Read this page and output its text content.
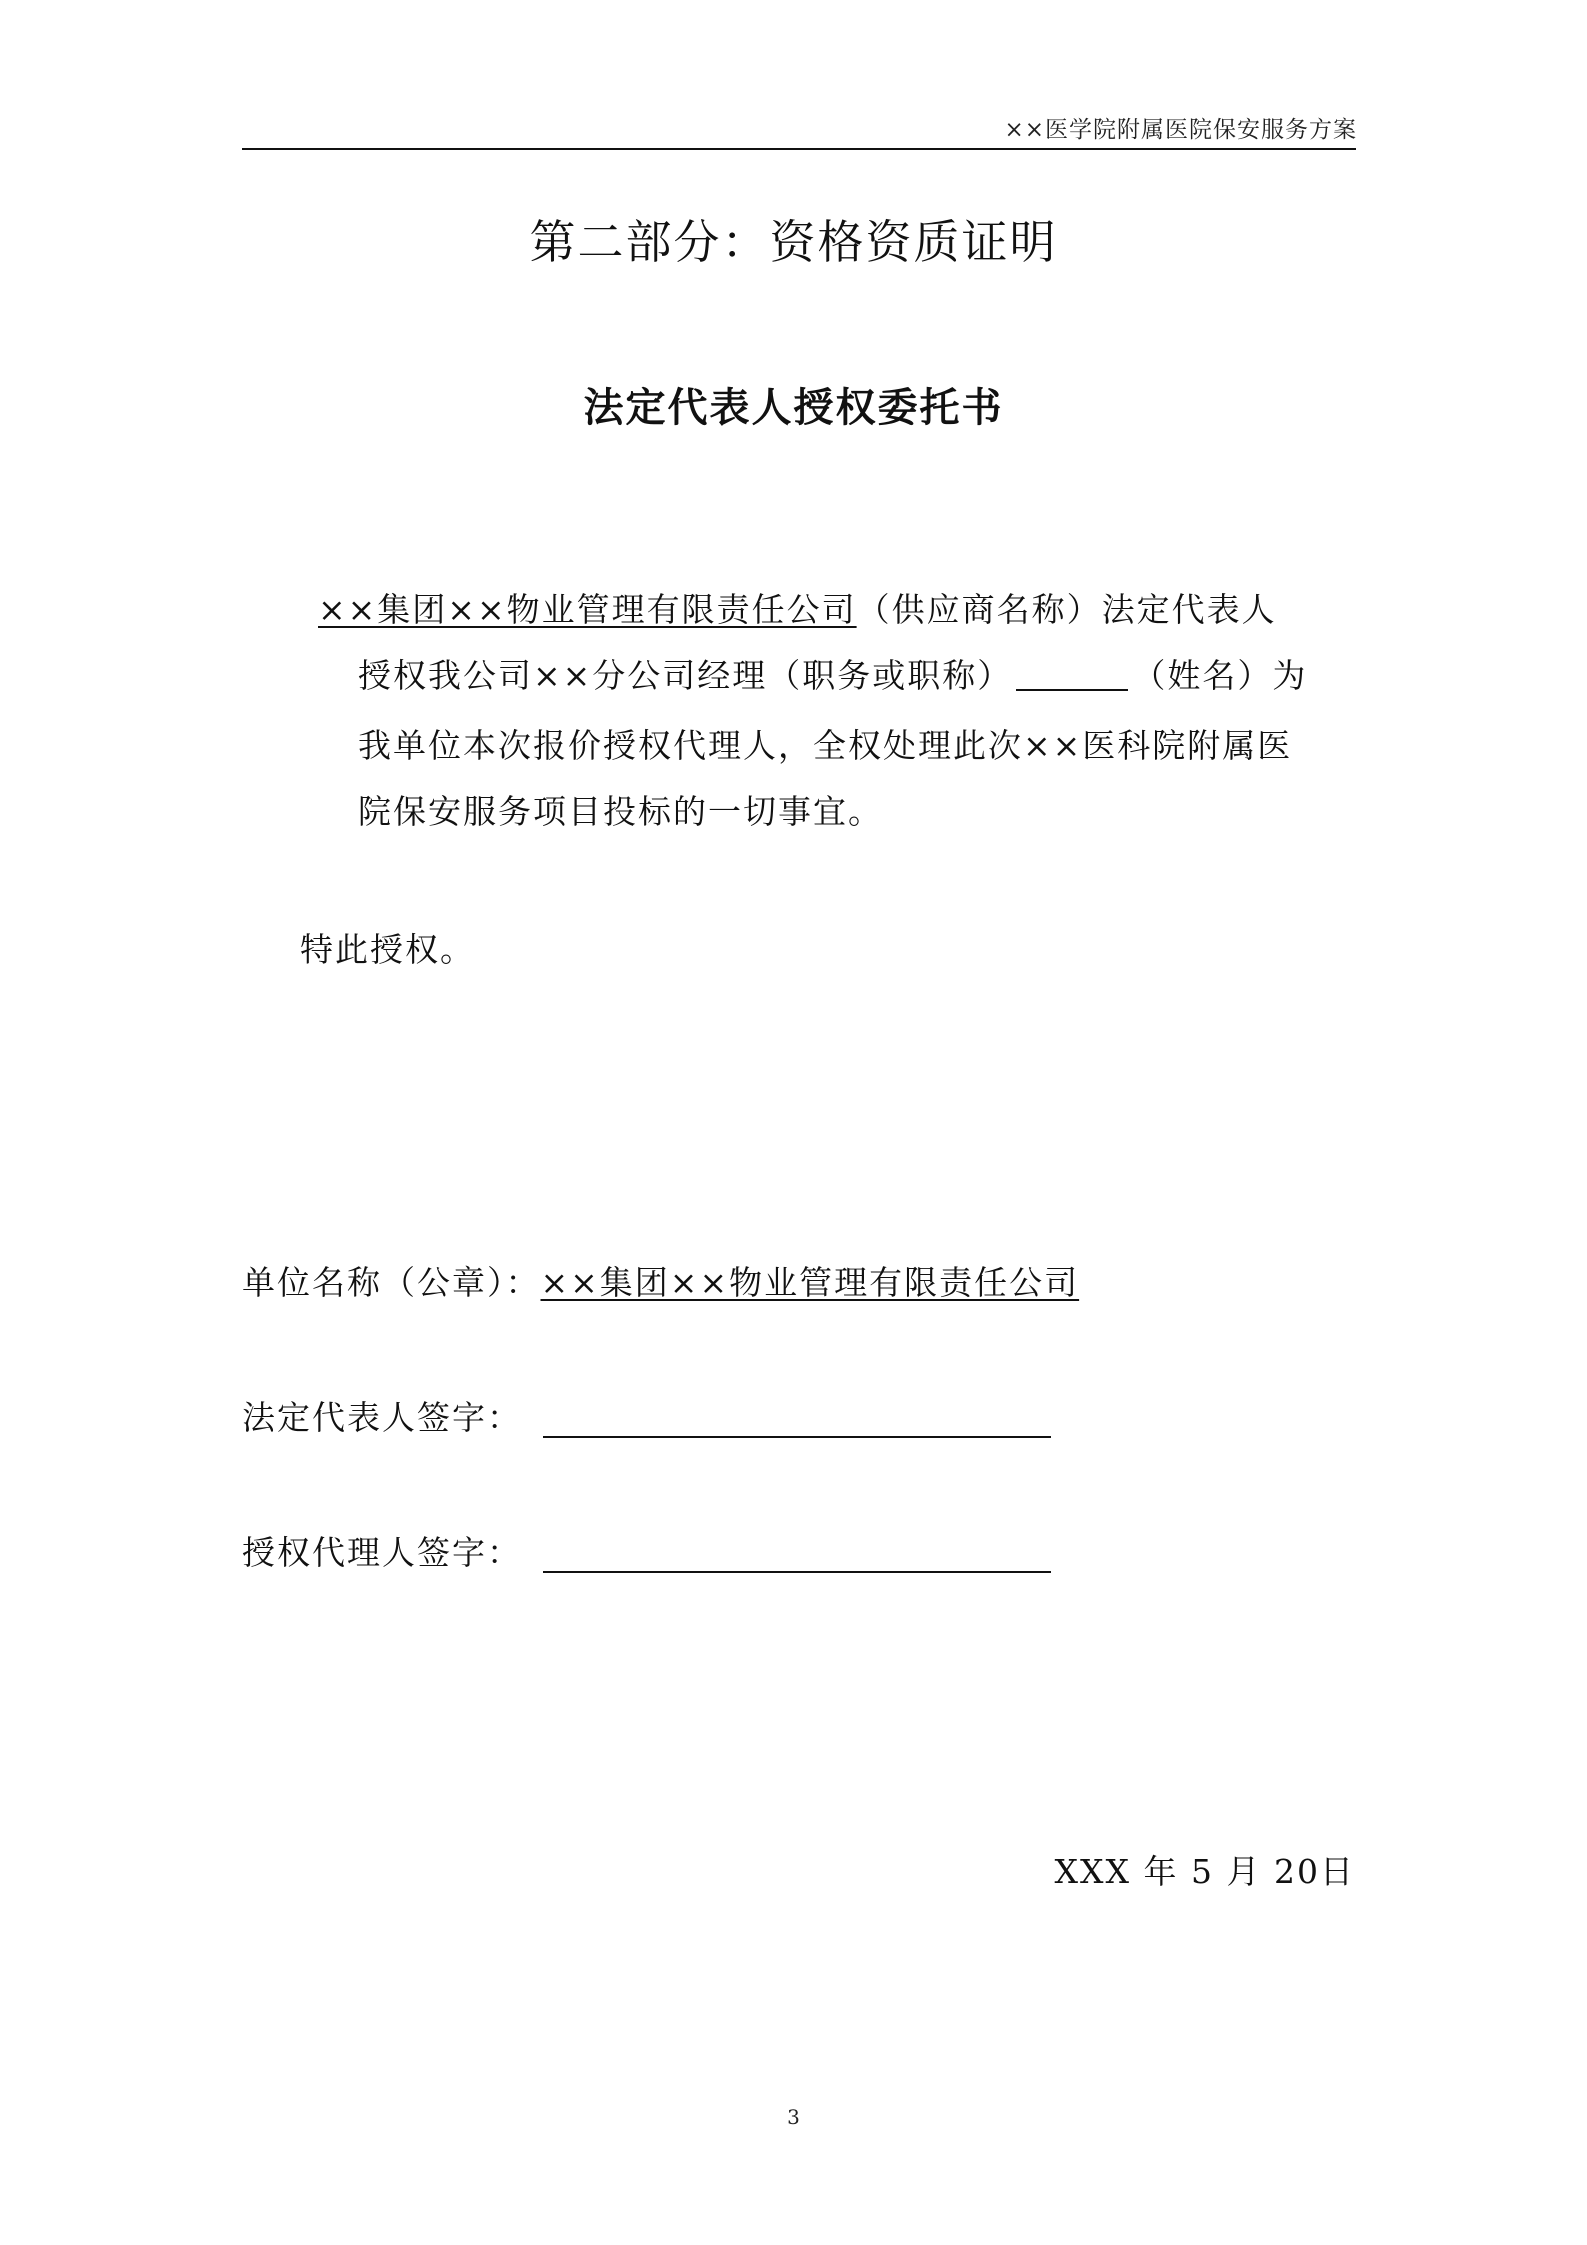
××医学院附属医院保安服务方案
第二部分：资格资质证明
法定代表人授权委托书
××集团××物业管理有限责任公司（供应商名称）法定代表人
授权我公司××分公司经理（职务或职称）	（姓名）为
我单位本次报价授权代理人，全权处理此次××医科院附属医
院保安服务项目投标的一切事宜。
特此授权。
单位名称（公章）：××集团××物业管理有限责任公司
法定代表人签字：
授权代理人签字：
XXX 年 5 月 20日
3
